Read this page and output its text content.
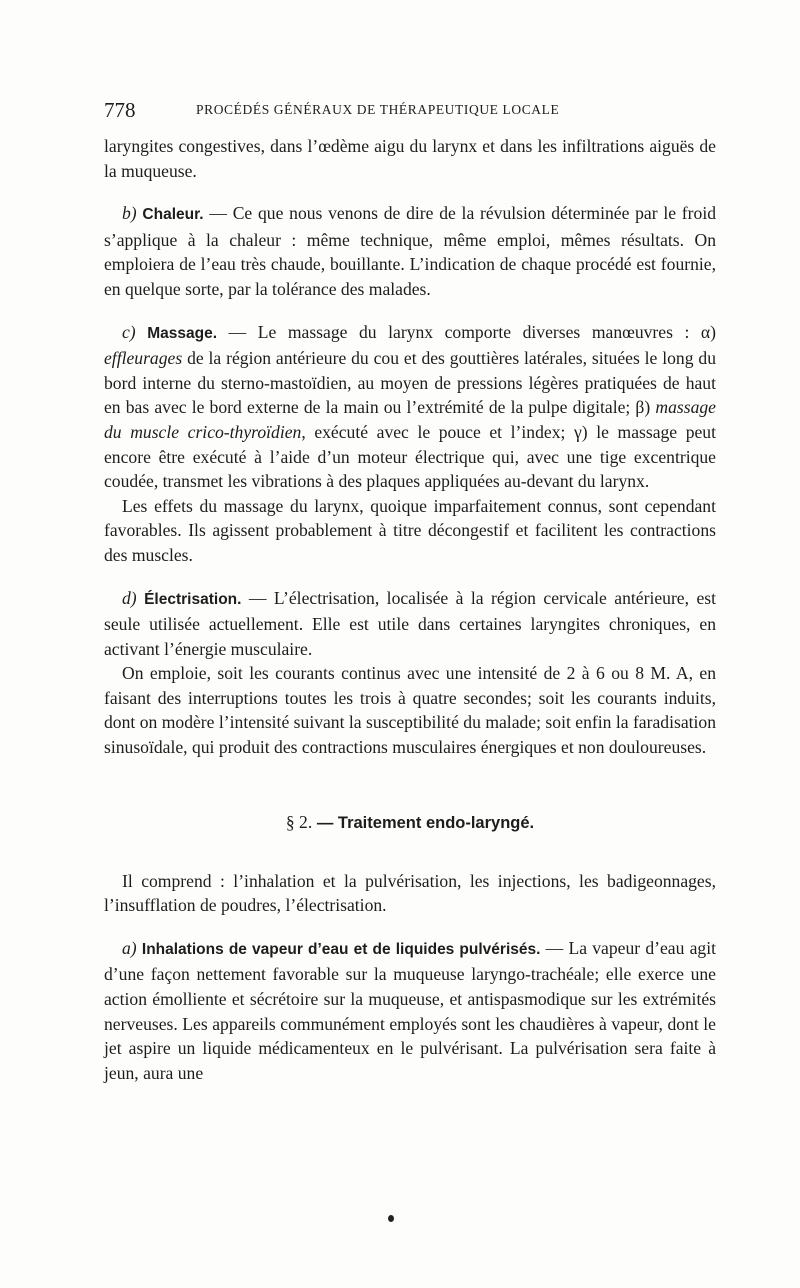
778	PROCÉDÉS GÉNÉRAUX DE THÉRAPEUTIQUE LOCALE

laryngites congestives, dans l’œdème aigu du larynx et dans les infiltrations aiguës de la muqueuse.

b) Chaleur. — Ce que nous venons de dire de la révulsion déterminée par le froid s’applique à la chaleur : même technique, même emploi, mêmes résultats. On emploiera de l’eau très chaude, bouillante. L’indication de chaque procédé est fournie, en quelque sorte, par la tolérance des malades.

c) Massage. — Le massage du larynx comporte diverses manœuvres : α) effleurages de la région antérieure du cou et des gouttières latérales, situées le long du bord interne du sterno-mastoïdien, au moyen de pressions légères pratiquées de haut en bas avec le bord externe de la main ou l’extrémité de la pulpe digitale; β) massage du muscle crico-thyroïdien, exécuté avec le pouce et l’index; γ) le massage peut encore être exécuté à l’aide d’un moteur électrique qui, avec une tige excentrique coudée, transmet les vibrations à des plaques appliquées au-devant du larynx.

Les effets du massage du larynx, quoique imparfaitement connus, sont cependant favorables. Ils agissent probablement à titre décongestif et facilitent les contractions des muscles.

d) Électrisation. — L’électrisation, localisée à la région cervicale antérieure, est seule utilisée actuellement. Elle est utile dans certaines laryngites chroniques, en activant l’énergie musculaire.

On emploie, soit les courants continus avec une intensité de 2 à 6 ou 8 M. A, en faisant des interruptions toutes les trois à quatre secondes; soit les courants induits, dont on modère l’intensité suivant la susceptibilité du malade; soit enfin la faradisation sinusoïdale, qui produit des contractions musculaires énergiques et non douloureuses.

§ 2. — Traitement endo-laryngé.

Il comprend : l’inhalation et la pulvérisation, les injections, les badigeonnages, l’insufflation de poudres, l’électrisation.

a) Inhalations de vapeur d’eau et de liquides pulvérisés. — La vapeur d’eau agit d’une façon nettement favorable sur la muqueuse laryngo-trachéale; elle exerce une action émolliente et sécrétoire sur la muqueuse, et antispasmodique sur les extrémités nerveuses. Les appareils communément employés sont les chaudières à vapeur, dont le jet aspire un liquide médicamenteux en le pulvérisant. La pulvérisation sera faite à jeun, aura une
